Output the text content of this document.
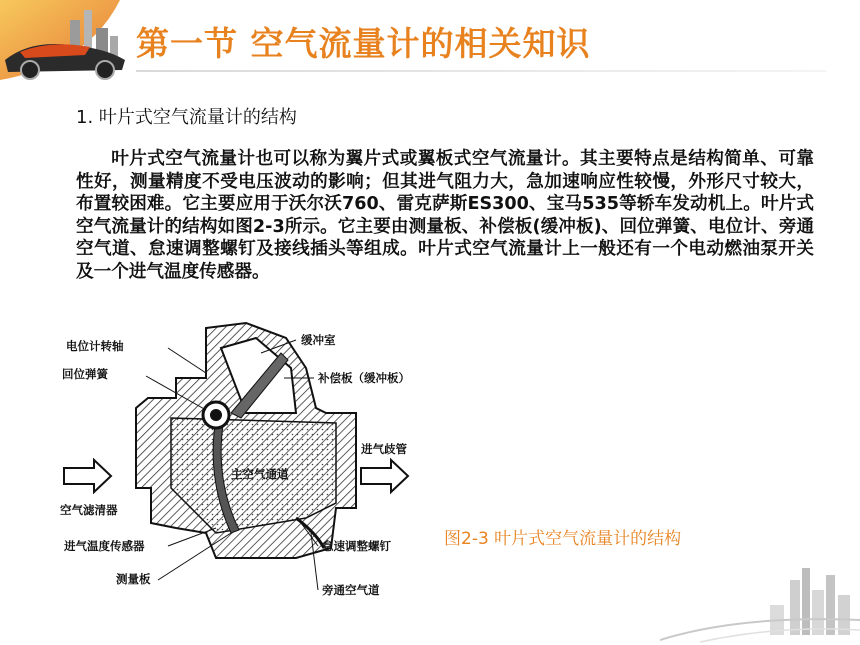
第一节 空气流量计的相关知识
1. 叶片式空气流量计的结构

叶片式空气流量计也可以称为翼片式或翼板式空气流量计。其主要特点是结构简单、可靠性好，测量精度不受电压波动的影响；但其进气阻力大，急加速响应性较慢，外形尺寸较大，布置较困难。它主要应用于沃尔沃760、雷克萨斯ES300、宝马535等轿车发动机上。叶片式空气流量计的结构如图2-3所示。它主要由测量板、补偿板(缓冲板)、回位弹簧、电位计、旁通空气道、怠速调整螺钉及接线插头等组成。叶片式空气流量计上一般还有一个电动燃油泵开关及一个进气温度传感器。

电位计转轴
回位弹簧
空气滤清器
进气温度传感器
测量板
缓冲室
补偿板（缓冲板）
进气歧管
主空气通道
怠速调整螺钉
旁通空气道
图2-3 叶片式空气流量计的结构
